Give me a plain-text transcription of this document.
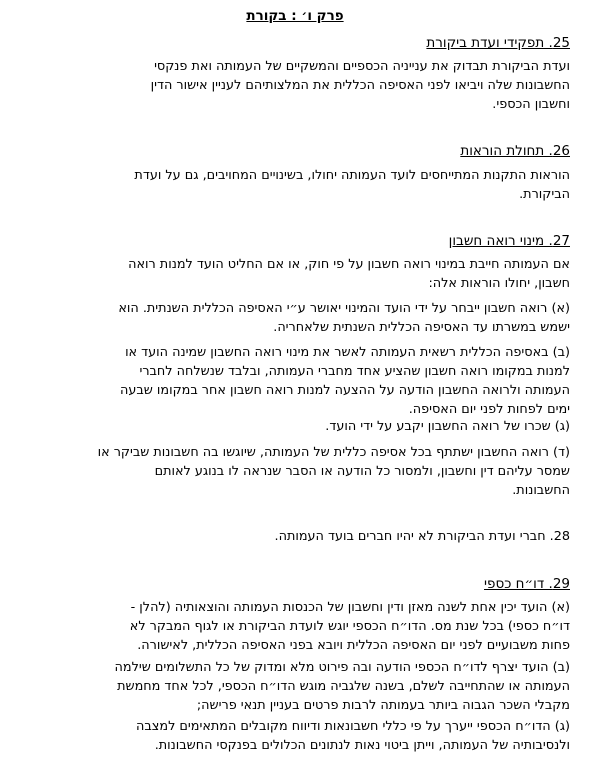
פרק ו׳ : בקורת
25. תפקידי ועדת ביקורת
ועדת הביקורת תבדוק את ענייניה הכספיים והמשקיים של העמותה ואת פנקסי
החשבונות שלה ויביאו לפני האסיפה הכללית את המלצותיהם לעניין אישור הדין
וחשבון הכספי.
26. תחולת הוראות
הוראות התקנות המתייחסים לועד העמותה יחולו, בשינויים המחויבים, גם על ועדת
הביקורת.
27. מינוי רואה חשבון
אם העמותה חייבת במינוי רואה חשבון על פי חוק, או אם החליט הועד למנות רואה
חשבון, יחולו הוראות אלה:
(א) רואה חשבון ייבחר על ידי הועד והמינוי יאושר ע״י האסיפה הכללית השנתית. הוא
ישמש במשרתו עד האסיפה הכללית השנתית שלאחריה.
(ב) באסיפה הכללית רשאית העמותה לאשר את מינוי רואה החשבון שמינה הועד או
למנות במקומו רואה חשבון שהציע אחד מחברי העמותה, ובלבד שנשלחה לחברי
העמותה ולרואה החשבון הודעה על ההצעה למנות רואה חשבון אחר במקומו שבעה
ימים לפחות לפני יום האסיפה.
(ג) שכרו של רואה החשבון יקבע על ידי הועד.
(ד) רואה החשבון ישתתף בכל אסיפה כללית של העמותה, שיוגשו בה חשבונות שביקר או
שמסר עליהם דין וחשבון, ולמסור כל הודעה או הסבר שנראה לו בנוגע לאותם
החשבונות.
28. חברי ועדת הביקורת לא יהיו חברים בועד העמותה.
29. דו״ח כספי
(א) הועד יכין אחת לשנה מאזן ודין וחשבון של הכנסות העמותה והוצאותיה (להלן -
דו״ח כספי) בכל שנת מס. הדו״ח הכספי יוגש לועדת הביקורת או לגוף המבקר לא
פחות משבועיים לפני יום האסיפה הכללית ויובא בפני האסיפה הכללית, לאישורה.
(ב) הועד יצרף לדו״ח הכספי הודעה ובה פירוט מלא ומדוק של כל התשלומים שילמה
העמותה או שהתחייבה לשלם, בשנה שלגביה מוגש הדו״ח הכספי, לכל אחד מחמשת
מקבלי השכר הגבוה ביותר בעמותה לרבות פרטים בעניין תנאי פרישה;
(ג) הדו״ח הכספי ייערך על פי כללי חשבונאות ודיווח מקובלים המתאימים למצבה
ולנסיבותיה של העמותה, וייתן ביטוי נאות לנתונים הכלולים בפנקסי החשבונות.
